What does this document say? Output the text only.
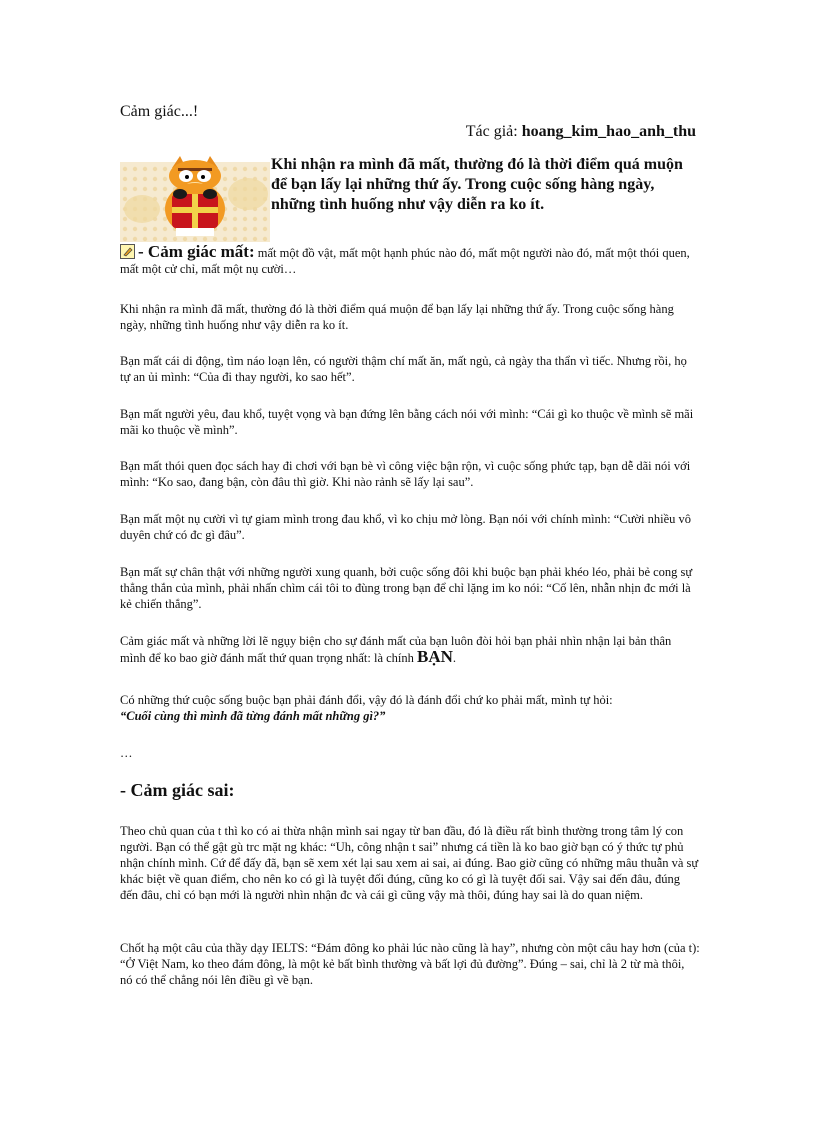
Cảm giác...!
Tác giả: hoang_kim_hao_anh_thu
Khi nhận ra mình đã mất, thường đó là thời điểm quá muộn để bạn lấy lại những thứ ấy. Trong cuộc sống hàng ngày, những tình huống như vậy diễn ra ko ít.

- Cảm giác mất: mất một đồ vật, mất một hạnh phúc nào đó, mất một người nào đó, mất một thói quen, mất một cử chỉ, mất một nụ cười…

Khi nhận ra mình đã mất, thường đó là thời điểm quá muộn để bạn lấy lại những thứ ấy. Trong cuộc sống hàng ngày, những tình huống như vậy diễn ra ko ít.

Bạn mất cái di động, tìm náo loạn lên, có người thậm chí mất ăn, mất ngủ, cả ngày tha thẩn vì tiếc. Nhưng rồi, họ tự an ủi mình: “Của đi thay người, ko sao hết”.

Bạn mất người yêu, đau khổ, tuyệt vọng và bạn đứng lên bằng cách nói với mình: “Cái gì ko thuộc về mình sẽ mãi mãi ko thuộc về mình”.

Bạn mất thói quen đọc sách hay đi chơi với bạn bè vì công việc bận rộn, vì cuộc sống phức tạp, bạn dễ dãi nói với mình: “Ko sao, đang bận, còn đâu thì giờ. Khi nào rảnh sẽ lấy lại sau”.

Bạn mất một nụ cười vì tự giam mình trong đau khổ, vì ko chịu mở lòng. Bạn nói với chính mình: “Cười nhiều vô duyên chứ có đc gì đâu”.

Bạn mất sự chân thật với những người xung quanh, bởi cuộc sống đôi khi buộc bạn phải khéo léo, phải bẻ cong sự thẳng thắn của mình, phải nhấn chìm cái tôi to đùng trong bạn để chỉ lặng im ko nói: “Cố lên, nhẫn nhịn đc mới là kẻ chiến thắng”.

Cảm giác mất và những lời lẽ ngụy biện cho sự đánh mất của bạn luôn đòi hỏi bạn phải nhìn nhận lại bản thân mình để ko bao giờ đánh mất thứ quan trọng nhất: là chính BẠN.

Có những thứ cuộc sống buộc bạn phải đánh đổi, vậy đó là đánh đổi chứ ko phải mất, mình tự hỏi:

“Cuối cùng thì mình đã từng đánh mất những gì?”

…
- Cảm giác sai:

Theo chủ quan của t thì ko có ai thừa nhận mình sai ngay từ ban đầu, đó là điều rất bình thường trong tâm lý con người. Bạn có thể gật gù trc mặt ng khác: “Uh, công nhận t sai” nhưng cá tiền là ko bao giờ bạn có ý thức tự phủ nhận chính mình. Cứ để đấy đã, bạn sẽ xem xét lại sau xem ai sai, ai đúng. Bao giờ cũng có những mâu thuẫn và sự khác biệt về quan điểm, cho nên ko có gì là tuyệt đối đúng, cũng ko có gì là tuyệt đối sai. Vậy sai đến đâu, đúng đến đâu, chỉ có bạn mới là người nhìn nhận đc và cái gì cũng vậy mà thôi, đúng hay sai là do quan niệm.

Chốt hạ một câu của thầy dạy IELTS: “Đám đông ko phải lúc nào cũng là hay”, nhưng còn một câu hay hơn (của t): “Ở Việt Nam, ko theo đám đông, là một kẻ bất bình thường và bất lợi đủ đường”. Đúng – sai, chỉ là 2 từ mà thôi, nó có thể chẳng nói lên điều gì về bạn.
